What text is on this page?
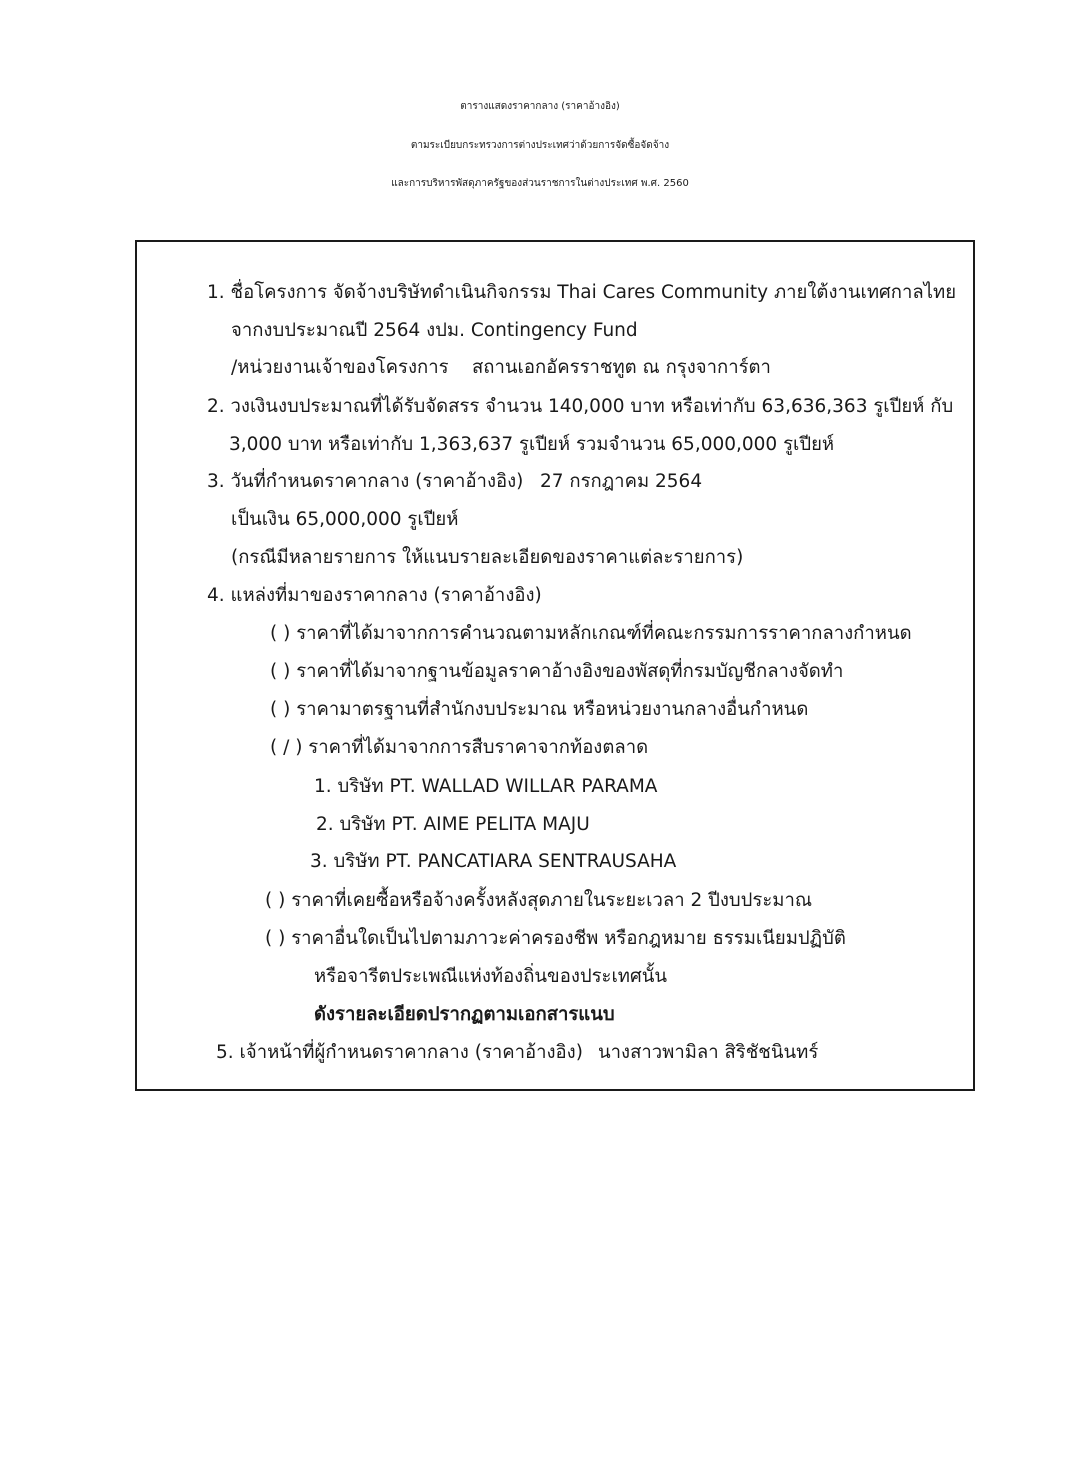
ตารางแสดงราคากลาง (ราคาอ้างอิง)
ตามระเบียบกระทรวงการต่างประเทศว่าด้วยการจัดซื้อจัดจ้าง
และการบริหารพัสดุภาครัฐของส่วนราชการในต่างประเทศ พ.ศ. 2560
1. ชื่อโครงการ จัดจ้างบริษัทดำเนินกิจกรรม Thai Cares Community ภายใต้งานเทศกาลไทย
จากงบประมาณปี 2564 งปม. Contingency Fund
/หน่วยงานเจ้าของโครงการ สถานเอกอัครราชทูต ณ กรุงจาการ์ตา
2. วงเงินงบประมาณที่ได้รับจัดสรร จำนวน 140,000 บาท หรือเท่ากับ 63,636,363 รูเปียห์ กับ
3,000 บาท หรือเท่ากับ 1,363,637 รูเปียห์ รวมจำนวน 65,000,000 รูเปียห์
3. วันที่กำหนดราคากลาง (ราคาอ้างอิง) 27 กรกฎาคม 2564
เป็นเงิน 65,000,000 รูเปียห์
(กรณีมีหลายรายการ ให้แนบรายละเอียดของราคาแต่ละรายการ)
4. แหล่งที่มาของราคากลาง (ราคาอ้างอิง)
( ) ราคาที่ได้มาจากการคำนวณตามหลักเกณฑ์ที่คณะกรรมการราคากลางกำหนด
( ) ราคาที่ได้มาจากฐานข้อมูลราคาอ้างอิงของพัสดุที่กรมบัญชีกลางจัดทำ
( ) ราคามาตรฐานที่สำนักงบประมาณ หรือหน่วยงานกลางอื่นกำหนด
( / ) ราคาที่ได้มาจากการสืบราคาจากท้องตลาด
1. บริษัท PT. WALLAD WILLAR PARAMA
2. บริษัท PT. AIME PELITA MAJU
3. บริษัท PT. PANCATIARA SENTRAUSAHA
( ) ราคาที่เคยซื้อหรือจ้างครั้งหลังสุดภายในระยะเวลา 2 ปีงบประมาณ
( ) ราคาอื่นใดเป็นไปตามภาวะค่าครองชีพ หรือกฎหมาย ธรรมเนียมปฏิบัติ
หรือจารีตประเพณีแห่งท้องถิ่นของประเทศนั้น
ดังรายละเอียดปรากฏตามเอกสารแนบ
5. เจ้าหน้าที่ผู้กำหนดราคากลาง (ราคาอ้างอิง) นางสาวพามิลา สิริชัชนินทร์
